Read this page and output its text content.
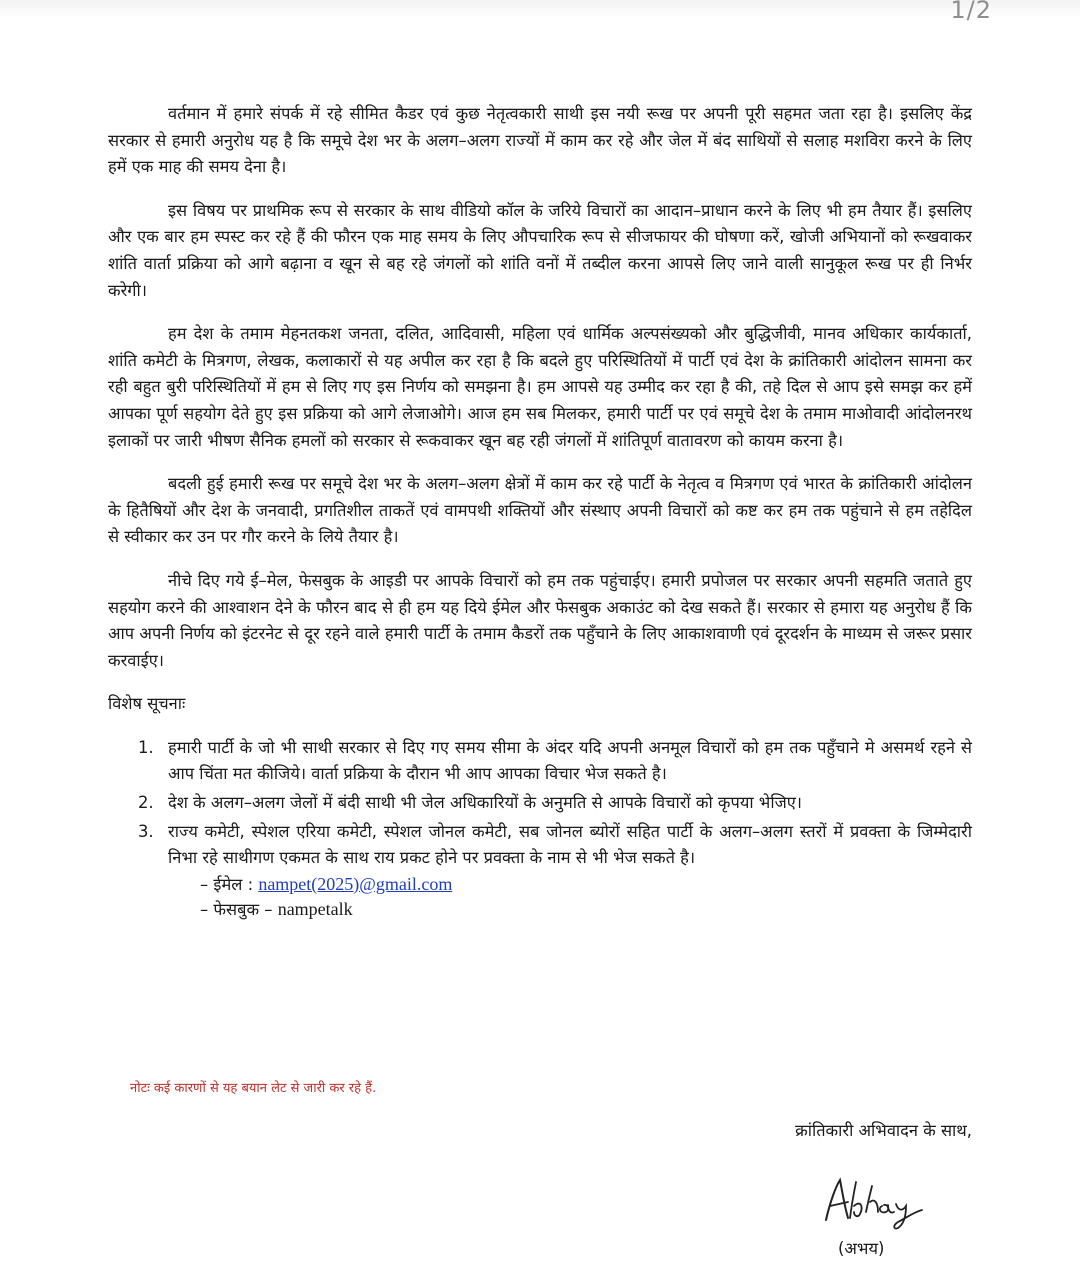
1/2

वर्तमान में हमारे संपर्क में रहे सीमित कैडर एवं कुछ नेतृत्वकारी साथी इस नयी रूख पर अपनी पूरी सहमत जता रहा है। इसलिए केंद्र सरकार से हमारी अनुरोध यह है कि समूचे देश भर के अलग–अलग राज्यों में काम कर रहे और जेल में बंद साथियों से सलाह मशविरा करने के लिए हमें एक माह की समय देना है।

इस विषय पर प्राथमिक रूप से सरकार के साथ वीडियो कॉल के जरिये विचारों का आदान–प्राधान करने के लिए भी हम तैयार हैं। इसलिए और एक बार हम स्पस्ट कर रहे हैं की फौरन एक माह समय के लिए औपचारिक रूप से सीजफायर की घोषणा करें, खोजी अभियानों को रूखवाकर शांति वार्ता प्रक्रिया को आगे बढ़ाना व खून से बह रहे जंगलों को शांति वनों में तब्दील करना आपसे लिए जाने वाली सानुकूल रूख पर ही निर्भर करेगी।

हम देश के तमाम मेहनतकश जनता, दलित, आदिवासी, महिला एवं धार्मिक अल्पसंख्यको और बुद्धिजीवी, मानव अधिकार कार्यकार्ता, शांति कमेटी के मित्रगण, लेखक, कलाकारों से यह अपील कर रहा है कि बदले हुए परिस्थितियों में पार्टी एवं देश के क्रांतिकारी आंदोलन सामना कर रही बहुत बुरी परिस्थितियों में हम से लिए गए इस निर्णय को समझना है। हम आपसे यह उम्मीद कर रहा है की, तहे दिल से आप इसे समझ कर हमें आपका पूर्ण सहयोग देते हुए इस प्रक्रिया को आगे लेजाओगे। आज हम सब मिलकर, हमारी पार्टी पर एवं समूचे देश के तमाम माओवादी आंदोलनरथ इलाकों पर जारी भीषण सैनिक हमलों को सरकार से रूकवाकर खून बह रही जंगलों में शांतिपूर्ण वातावरण को कायम करना है।

बदली हुई हमारी रूख पर समूचे देश भर के अलग–अलग क्षेत्रों में काम कर रहे पार्टी के नेतृत्व व मित्रगण एवं भारत के क्रांतिकारी आंदोलन के हितैषियों और देश के जनवादी, प्रगतिशील ताकतें एवं वामपथी शक्तियों और संस्थाए अपनी विचारों को कष्ट कर हम तक पहुंचाने से हम तहेदिल से स्वीकार कर उन पर गौर करने के लिये तैयार है।

नीचे दिए गये ई–मेल, फेसबुक के आइडी पर आपके विचारों को हम तक पहुंचाईए। हमारी प्रपोजल पर सरकार अपनी सहमति जताते हुए सहयोग करने की आश्वाशन देने के फौरन बाद से ही हम यह दिये ईमेल और फेसबुक अकाउंट को देख सकते हैं। सरकार से हमारा यह अनुरोध हैं कि आप अपनी निर्णय को इंटरनेट से दूर रहने वाले हमारी पार्टी के तमाम कैडरों तक पहुँचाने के लिए आकाशवाणी एवं दूरदर्शन के माध्यम से जरूर प्रसार करवाईए।

विशेष सूचनाः
1. हमारी पार्टी के जो भी साथी सरकार से दिए गए समय सीमा के अंदर यदि अपनी अनमूल विचारों को हम तक पहुँचाने मे असमर्थ रहने से आप चिंता मत कीजिये। वार्ता प्रक्रिया के दौरान भी आप आपका विचार भेज सकते है।
2. देश के अलग–अलग जेलों में बंदी साथी भी जेल अधिकारियों के अनुमति से आपके विचारों को कृपया भेजिए।
3. राज्य कमेटी, स्पेशल एरिया कमेटी, स्पेशल जोनल कमेटी, सब जोनल ब्योरों सहित पार्टी के अलग–अलग स्तरों में प्रवक्ता के जिम्मेदारी निभा रहे साथीगण एकमत के साथ राय प्रकट होने पर प्रवक्ता के नाम से भी भेज सकते है।
– ईमेल : nampet(2025)@gmail.com
– फेसबुक – nampetalk
नोटः कई कारणों से यह बयान लेट से जारी कर रहे हैं.
क्रांतिकारी अभिवादन के साथ,
(अभय)
